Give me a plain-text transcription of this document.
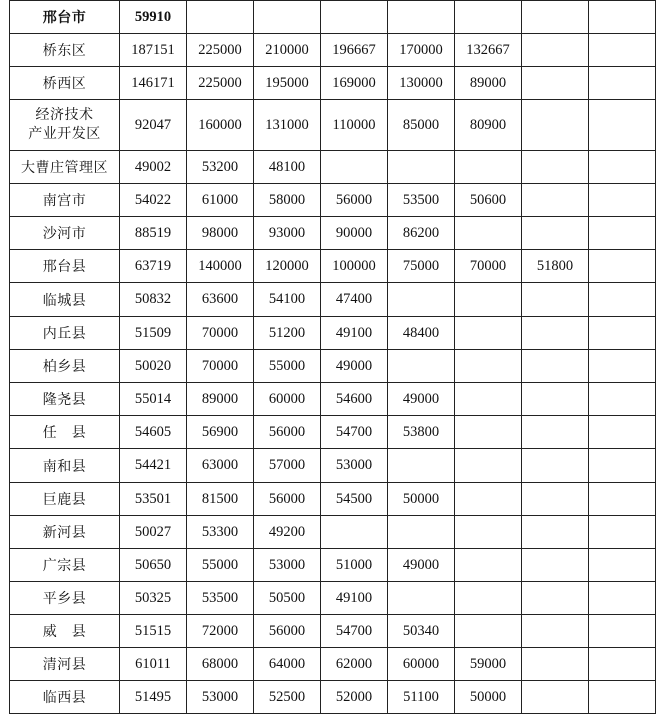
邢台市	59910							
桥东区	187151	225000	210000	196667	170000	132667		
桥西区	146171	225000	195000	169000	130000	89000		

经济技术
产业开发区	92047	160000	131000	110000	85000	80900		
大曹庄管理区	49002	53200	48100					
南宫市	54022	61000	58000	56000	53500	50600		
沙河市	88519	98000	93000	90000	86200			
邢台县	63719	140000	120000	100000	75000	70000	51800	
临城县	50832	63600	54100	47400				
内丘县	51509	70000	51200	49100	48400			
柏乡县	50020	70000	55000	49000				
隆尧县	55014	89000	60000	54600	49000			
任　县	54605	56900	56000	54700	53800			
南和县	54421	63000	57000	53000				
巨鹿县	53501	81500	56000	54500	50000			
新河县	50027	53300	49200					
广宗县	50650	55000	53000	51000	49000			
平乡县	50325	53500	50500	49100				
威　县	51515	72000	56000	54700	50340			
清河县	61011	68000	64000	62000	60000	59000		
临西县	51495	53000	52500	52000	51100	50000		
